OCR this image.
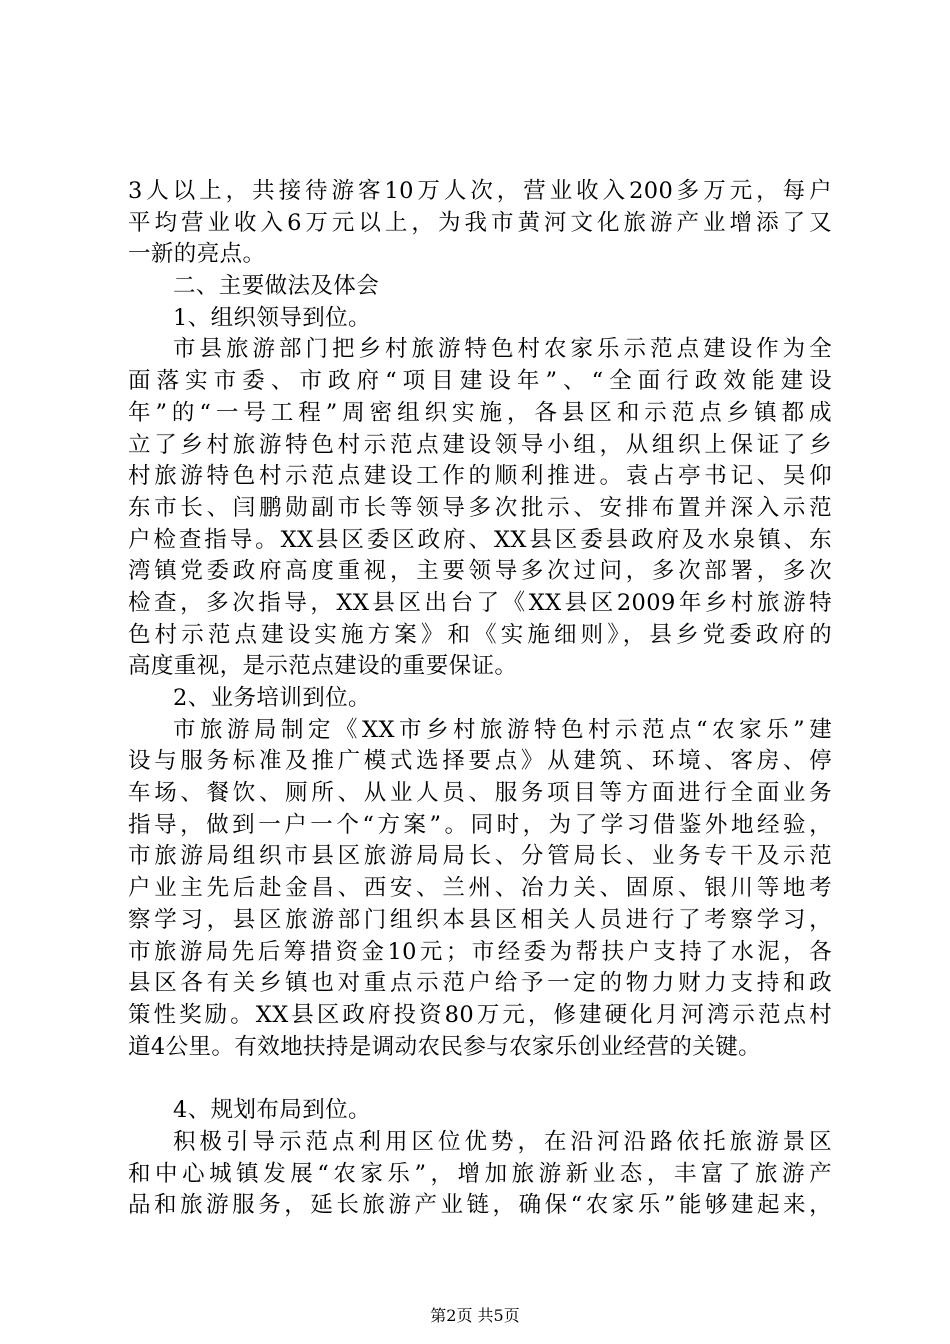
3人以上，共接待游客10万人次，营业收入200多万元，每户
平均营业收入6万元以上，为我市黄河文化旅游产业增添了又
一新的亮点。
二、主要做法及体会
1、组织领导到位。
市县旅游部门把乡村旅游特色村农家乐示范点建设作为全
面落实市委、市政府“项目建设年”、“全面行政效能建设
年”的“一号工程”周密组织实施，各县区和示范点乡镇都成
立了乡村旅游特色村示范点建设领导小组，从组织上保证了乡
村旅游特色村示范点建设工作的顺利推进。袁占亭书记、吴仰
东市长、闫鹏勋副市长等领导多次批示、安排布置并深入示范
户检查指导。XX县区委区政府、XX县区委县政府及水泉镇、东
湾镇党委政府高度重视，主要领导多次过问，多次部署，多次
检查，多次指导，XX县区出台了《XX县区2009年乡村旅游特
色村示范点建设实施方案》和《实施细则》，县乡党委政府的
高度重视，是示范点建设的重要保证。
2、业务培训到位。
市旅游局制定《XX市乡村旅游特色村示范点“农家乐”建
设与服务标准及推广模式选择要点》从建筑、环境、客房、停
车场、餐饮、厕所、从业人员、服务项目等方面进行全面业务
指导，做到一户一个“方案”。同时，为了学习借鉴外地经验，
市旅游局组织市县区旅游局局长、分管局长、业务专干及示范
户业主先后赴金昌、西安、兰州、冶力关、固原、银川等地考
察学习，县区旅游部门组织本县区相关人员进行了考察学习，
市旅游局先后筹措资金10元；市经委为帮扶户支持了水泥，各
县区各有关乡镇也对重点示范户给予一定的物力财力支持和政
策性奖励。XX县区政府投资80万元，修建硬化月河湾示范点村
道4公里。有效地扶持是调动农民参与农家乐创业经营的关键。
4、规划布局到位。
积极引导示范点利用区位优势，在沿河沿路依托旅游景区
和中心城镇发展“农家乐”，增加旅游新业态，丰富了旅游产
品和旅游服务，延长旅游产业链，确保“农家乐”能够建起来，
第2页 共5页
